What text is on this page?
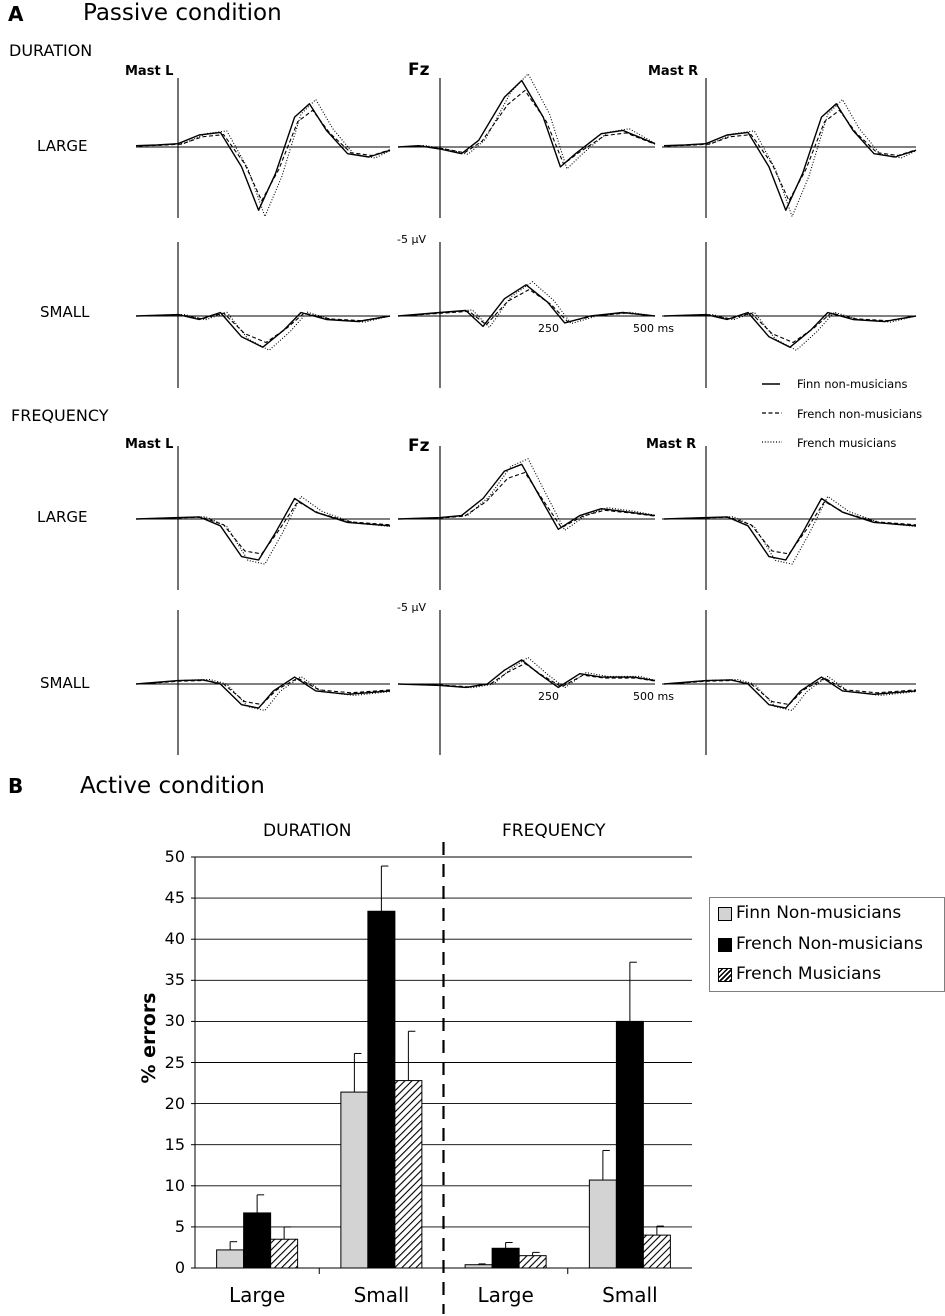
A	Passive condition
DURATION
FREQUENCY
LARGE
SMALL
LARGE
SMALL
Mast L	Fz	Mast R
Mast L	Fz	Mast R
-5 µV
-5 µV
250	500 ms
250	500 ms
Finn non-musicians
French non-musicians
French musicians
B Active condition
DURATION	FREQUENCY
% errors
0
5
10
15
20
25
30
35
40
45
50
Large	Small	Large	Small
Finn Non-musicians
French Non-musicians
French Musicians
